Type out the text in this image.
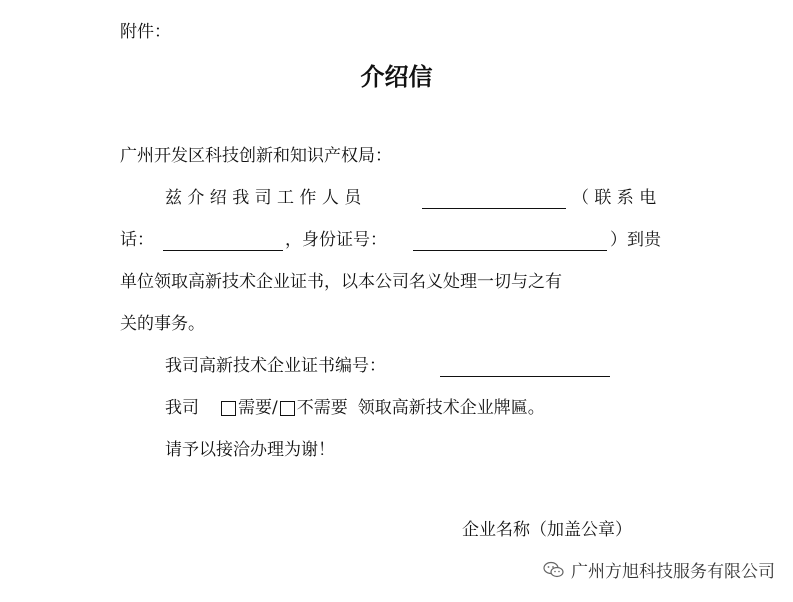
附件：
介绍信
广州开发区科技创新和知识产权局：
兹 介 绍 我 司 工 作 人 员	（ 联 系 电
话：	，身份证号：	）到贵
单位领取高新技术企业证书，以本公司名义处理一切与之有
关的事务。
我司高新技术企业证书编号：
我司 需要/ 不需要 领取高新技术企业牌匾。
请予以接洽办理为谢！
企业名称（加盖公章）
广州方旭科技服务有限公司
